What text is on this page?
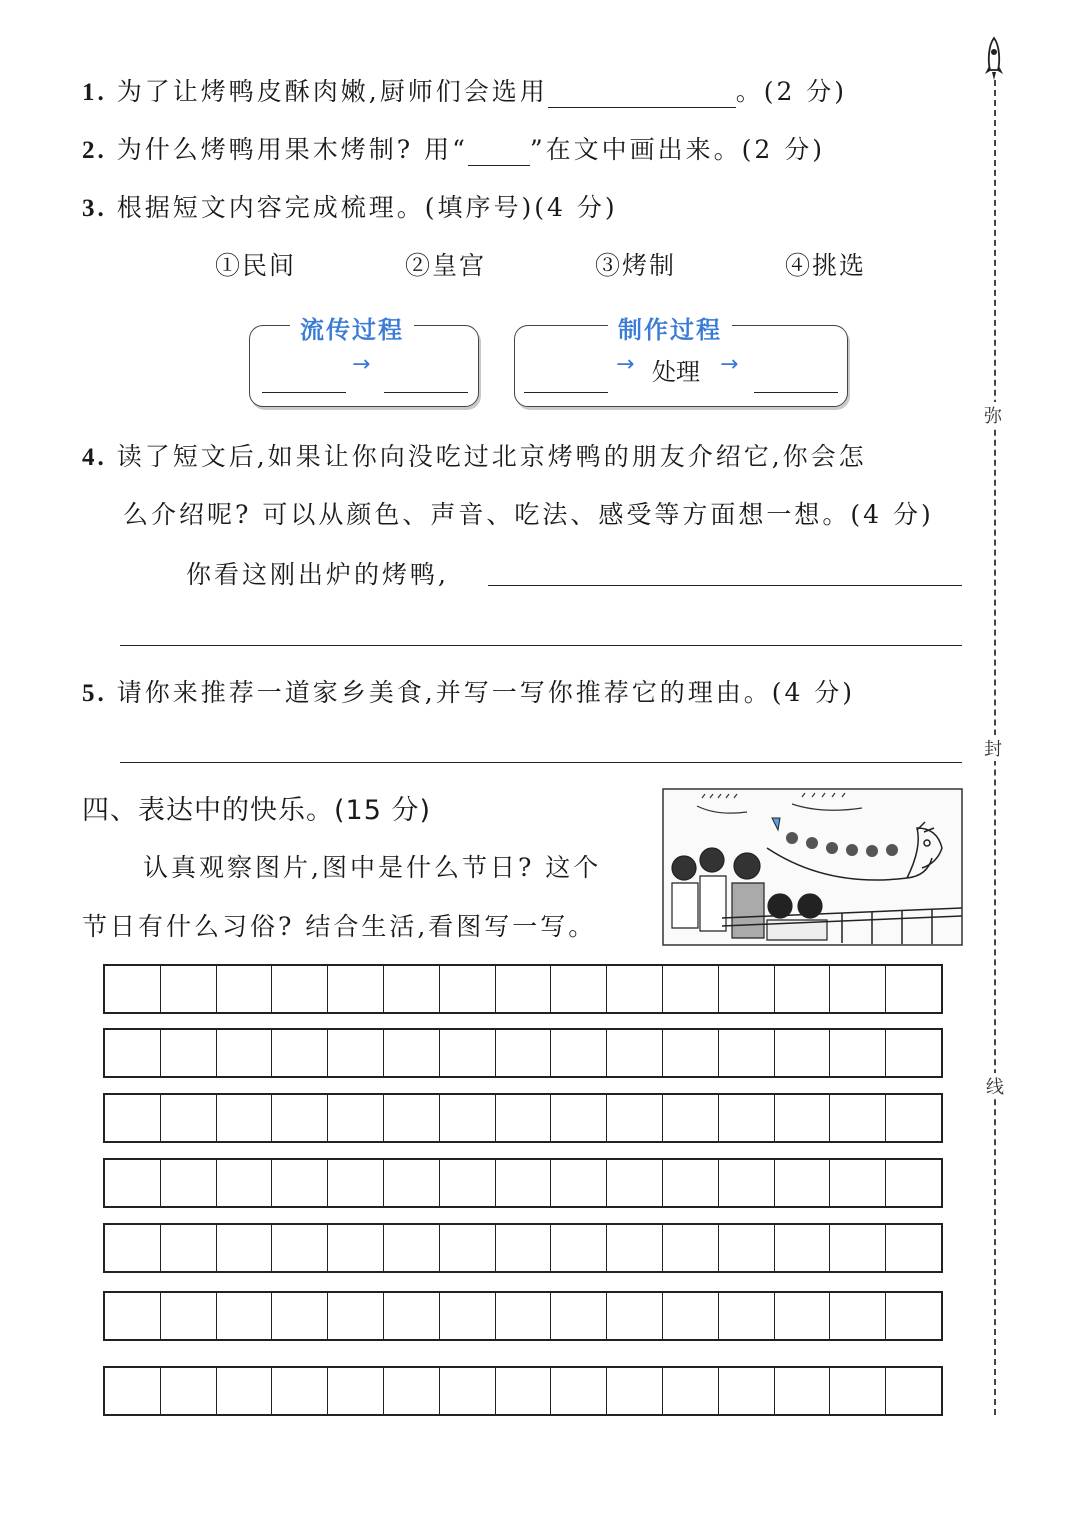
1. 为了让烤鸭皮酥肉嫩,厨师们会选用	。(2 分)
2. 为什么烤鸭用果木烤制? 用“ ”在文中画出来。(2 分)
3. 根据短文内容完成梳理。(填序号)(4 分)
①民间	②皇宫	③烤制	④挑选
流传过程
→
制作过程
→ 处理 →
4. 读了短文后,如果让你向没吃过北京烤鸭的朋友介绍它,你会怎
么介绍呢? 可以从颜色、声音、吃法、感受等方面想一想。(4 分)
你看这刚出炉的烤鸭,
5. 请你来推荐一道家乡美食,并写一写你推荐它的理由。(4 分)
四、表达中的快乐。(15 分)
认真观察图片,图中是什么节日? 这个
节日有什么习俗? 结合生活,看图写一写。
弥
封
线
